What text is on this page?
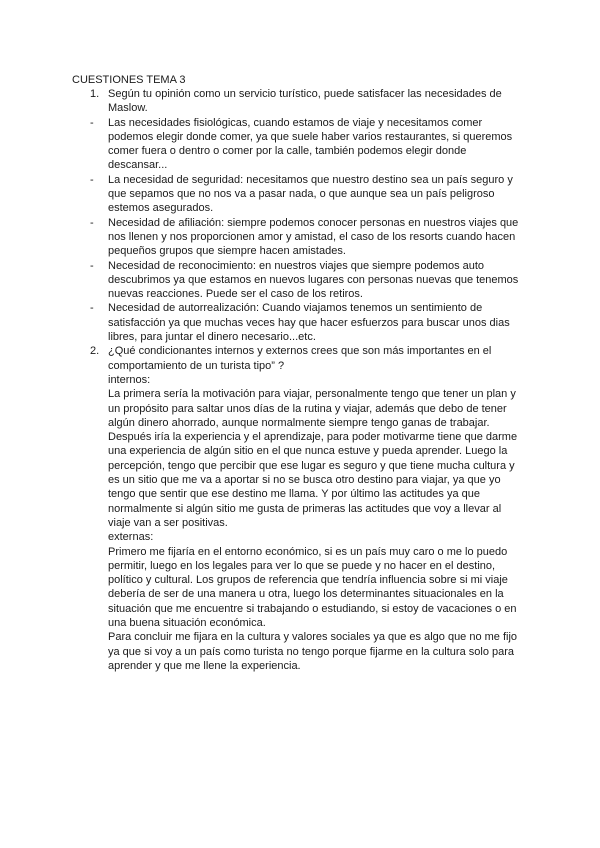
CUESTIONES TEMA 3
1. Según tu opinión como un servicio turístico, puede satisfacer las necesidades de Maslow.
- Las necesidades fisiológicas, cuando estamos de viaje y necesitamos comer podemos elegir donde comer, ya que suele haber varios restaurantes, si queremos comer fuera o dentro o comer por la calle, también podemos elegir donde descansar...
- La necesidad de seguridad: necesitamos que nuestro destino sea un país seguro y que sepamos que no nos va a pasar nada, o que aunque sea un país peligroso estemos asegurados.
- Necesidad de afiliación: siempre podemos conocer personas en nuestros viajes que nos llenen y nos proporcionen amor y amistad, el caso de los resorts cuando hacen pequeños grupos que siempre hacen amistades.
- Necesidad de reconocimiento: en nuestros viajes que siempre podemos auto descubrimos ya que estamos en nuevos lugares con personas nuevas que tenemos nuevas reacciones. Puede ser el caso de los retiros.
- Necesidad de autorrealización: Cuando viajamos tenemos un sentimiento de satisfacción ya que muchas veces hay que hacer esfuerzos para buscar unos dias libres, para juntar el dinero necesario...etc.
2. ¿Qué condicionantes internos y externos crees que son más importantes en el comportamiento de un turista tipo” ?
internos:
La primera sería la motivación para viajar, personalmente tengo que tener un plan y un propósito para saltar unos días de la rutina y viajar, además que debo de tener algún dinero ahorrado, aunque normalmente siempre tengo ganas de trabajar.
Después iría la experiencia y el aprendizaje, para poder motivarme tiene que darme una experiencia de algún sitio en el que nunca estuve y pueda aprender. Luego la percepción, tengo que percibir que ese lugar es seguro y que tiene mucha cultura y es un sitio que me va a aportar si no se busca otro destino para viajar, ya que yo tengo que sentir que ese destino me llama. Y por último las actitudes ya que normalmente si algún sitio me gusta de primeras las actitudes que voy a llevar al viaje van a ser positivas.
externas:
Primero me fijaría en el entorno económico, si es un país muy caro o me lo puedo permitir, luego en los legales para ver lo que se puede y no hacer en el destino, político y cultural. Los grupos de referencia que tendría influencia sobre si mi viaje debería de ser de una manera u otra, luego los determinantes situacionales en la situación que me encuentre si trabajando o estudiando, si estoy de vacaciones o en una buena situación económica.
Para concluir me fijara en la cultura y valores sociales ya que es algo que no me fijo ya que si voy a un país como turista no tengo porque fijarme en la cultura solo para aprender y que me llene la experiencia.
